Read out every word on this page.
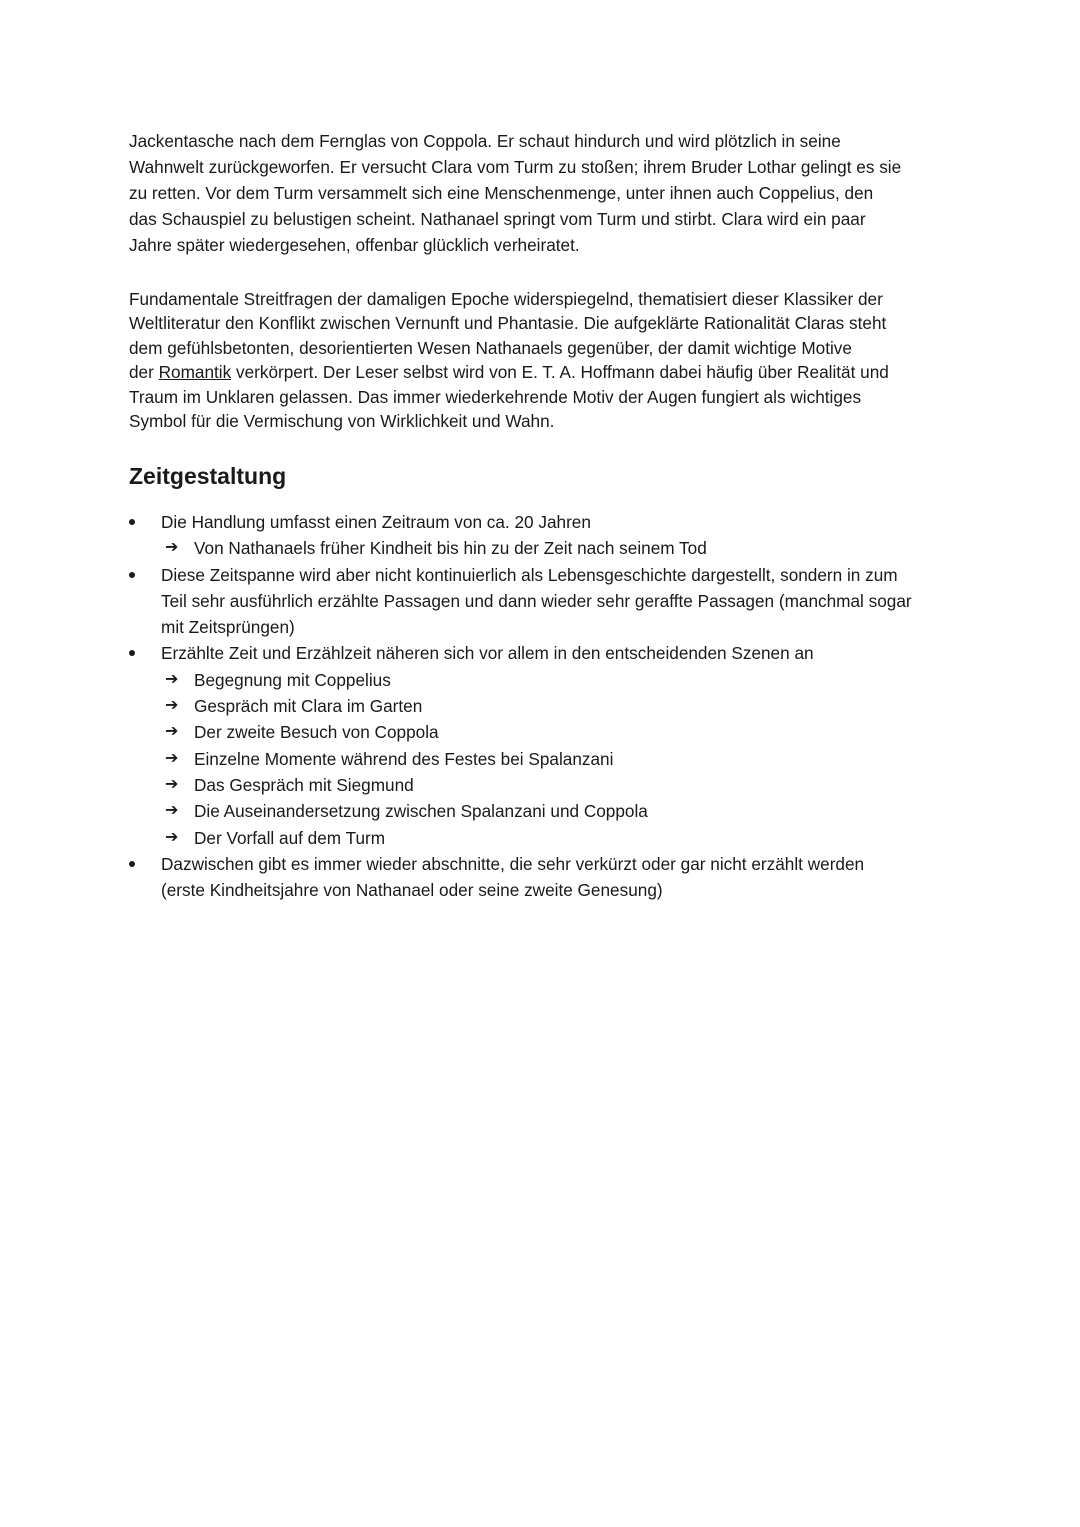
Jackentasche nach dem Fernglas von Coppola. Er schaut hindurch und wird plötzlich in seine
Wahnwelt zurückgeworfen. Er versucht Clara vom Turm zu stoßen; ihrem Bruder Lothar gelingt es sie
zu retten. Vor dem Turm versammelt sich eine Menschenmenge, unter ihnen auch Coppelius, den
das Schauspiel zu belustigen scheint. Nathanael springt vom Turm und stirbt. Clara wird ein paar
Jahre später wiedergesehen, offenbar glücklich verheiratet.

Fundamentale Streitfragen der damaligen Epoche widerspiegelnd, thematisiert dieser Klassiker der
Weltliteratur den Konflikt zwischen Vernunft und Phantasie. Die aufgeklärte Rationalität Claras steht
dem gefühlsbetonten, desorientierten Wesen Nathanaels gegenüber, der damit wichtige Motive
der Romantik verkörpert. Der Leser selbst wird von E. T. A. Hoffmann dabei häufig über Realität und
Traum im Unklaren gelassen. Das immer wiederkehrende Motiv der Augen fungiert als wichtiges
Symbol für die Vermischung von Wirklichkeit und Wahn.

Zeitgestaltung
Die Handlung umfasst einen Zeitraum von ca. 20 Jahren
➔ Von Nathanaels früher Kindheit bis hin zu der Zeit nach seinem Tod
Diese Zeitspanne wird aber nicht kontinuierlich als Lebensgeschichte dargestellt, sondern in zum
Teil sehr ausführlich erzählte Passagen und dann wieder sehr geraffte Passagen (manchmal sogar
mit Zeitsprüngen)
Erzählte Zeit und Erzählzeit näheren sich vor allem in den entscheidenden Szenen an
➔ Begegnung mit Coppelius
➔ Gespräch mit Clara im Garten
➔ Der zweite Besuch von Coppola
➔ Einzelne Momente während des Festes bei Spalanzani
➔ Das Gespräch mit Siegmund
➔ Die Auseinandersetzung zwischen Spalanzani und Coppola
➔ Der Vorfall auf dem Turm
Dazwischen gibt es immer wieder abschnitte, die sehr verkürzt oder gar nicht erzählt werden
(erste Kindheitsjahre von Nathanael oder seine zweite Genesung)
